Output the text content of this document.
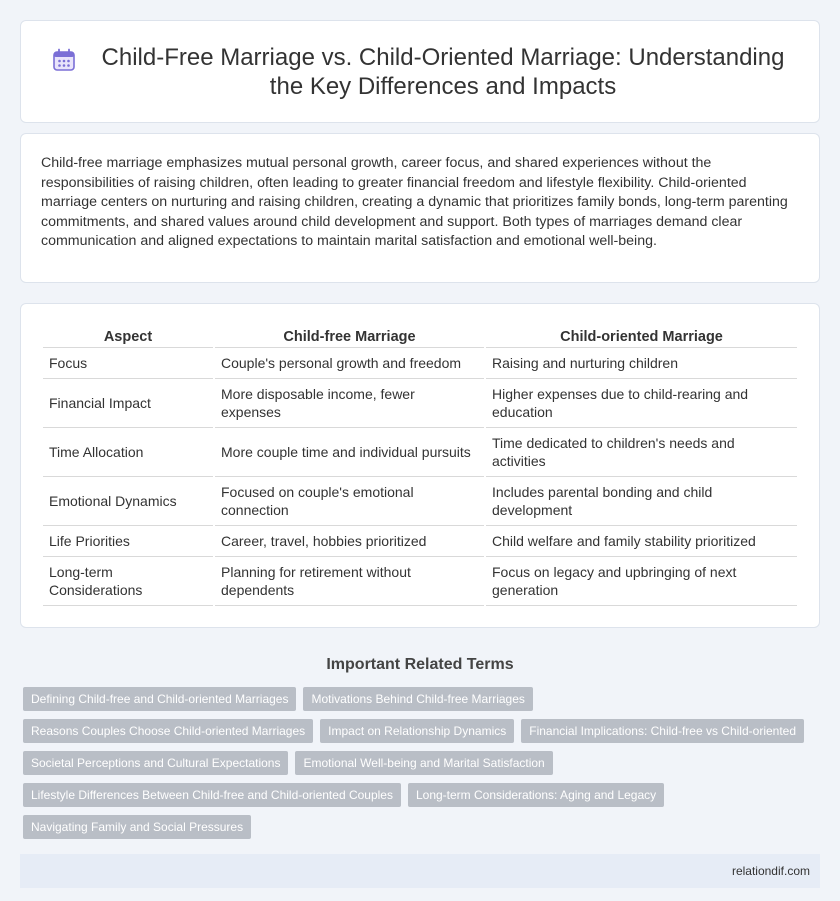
Child-Free Marriage vs. Child-Oriented Marriage: Understanding the Key Differences and Impacts

Child-free marriage emphasizes mutual personal growth, career focus, and shared experiences without the responsibilities of raising children, often leading to greater financial freedom and lifestyle flexibility. Child-oriented marriage centers on nurturing and raising children, creating a dynamic that prioritizes family bonds, long-term parenting commitments, and shared values around child development and support. Both types of marriages demand clear communication and aligned expectations to maintain marital satisfaction and emotional well-being.

Aspect	Child-free Marriage	Child-oriented Marriage
Focus	Couple's personal growth and freedom	Raising and nurturing children
Financial Impact	More disposable income, fewer expenses	Higher expenses due to child-rearing and education
Time Allocation	More couple time and individual pursuits	Time dedicated to children's needs and activities
Emotional Dynamics	Focused on couple's emotional connection	Includes parental bonding and child development
Life Priorities	Career, travel, hobbies prioritized	Child welfare and family stability prioritized
Long-term Considerations	Planning for retirement without dependents	Focus on legacy and upbringing of next generation
Important Related Terms
Defining Child-free and Child-oriented Marriages	Motivations Behind Child-free Marriages
Reasons Couples Choose Child-oriented Marriages	Impact on Relationship Dynamics	Financial Implications: Child-free vs Child-oriented
Societal Perceptions and Cultural Expectations	Emotional Well-being and Marital Satisfaction
Lifestyle Differences Between Child-free and Child-oriented Couples	Long-term Considerations: Aging and Legacy
Navigating Family and Social Pressures
relationdif.com
